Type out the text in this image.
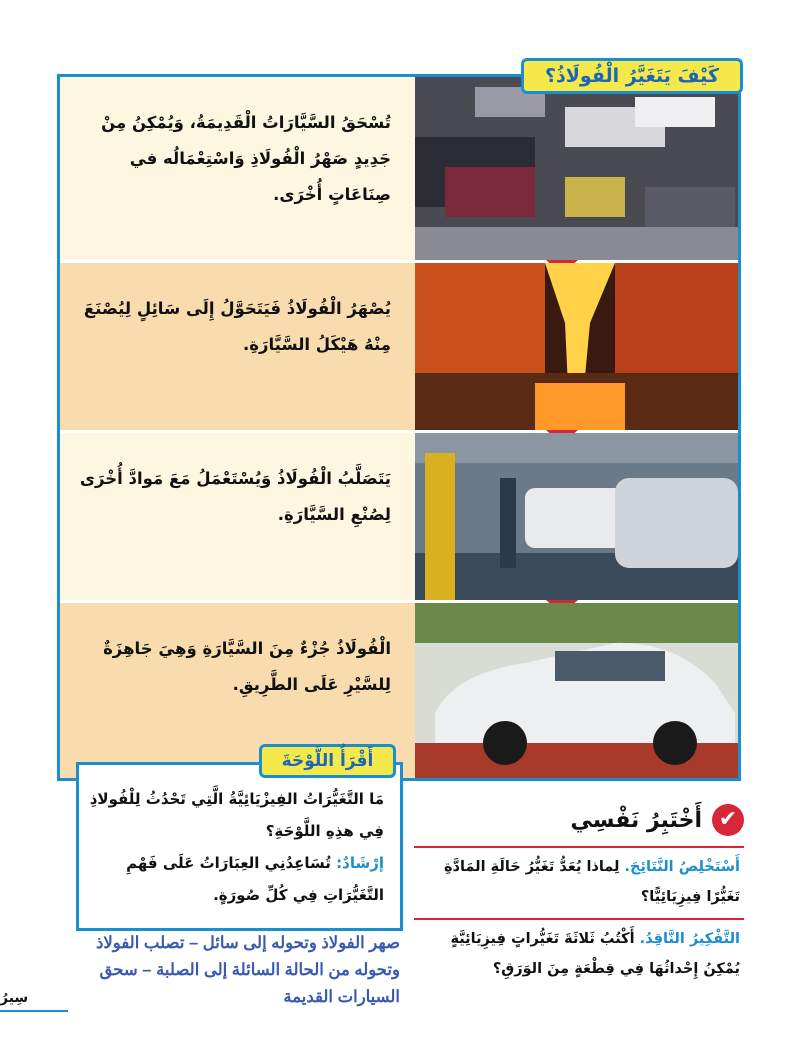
تُسْحَقُ السَّيَّارَاتُ الْقَدِيمَةُ، وَيُمْكِنُ مِنْ جَدِيدٍ صَهْرُ الْفُولَاذِ وَاسْتِعْمَالُه في صِنَاعَاتٍ أُخْرَى.
يُصْهَرُ الْفُولَاذُ فَيَتَحَوَّلُ إِلَى سَائِلٍ لِيُصْنَعَ مِنْهُ هَيْكَلُ السَّيَّارَةِ.
يَتَصَلَّبُ الْفُولَاذُ وَيُسْتَعْمَلُ مَعَ مَوادَّ أُخْرَى لِصُنْعِ السَّيَّارَةِ.
الْفُولَاذُ جُزْءٌ مِنَ السَّيَّارَةِ وَهِيَ جَاهِزَةٌ لِلسَّيْرِ عَلَى الطَّرِيقِ.
كَيْفَ يَتَغَيَّرُ الْفُولَاذُ؟
مَا التَّغَيُّرَاتُ الفِيزْيَائِيَّةُ الَّتِي تَحْدُثُ لِلْفُولاذِ فِي هذِهِ اللَّوْحَةِ؟
إرْشَادٌ: تُسَاعِدُنِي العِبَارَاتُ عَلَى فَهْمِ التَّغَيُّرَاتِ فِي كُلِّ صُورَةٍ.
أَقْرَأُ اللَّوْحَةَ
✔
أَخْتَبِرُ نَفْسِي
أَسْتَخْلِصُ النَّتَائِجَ. لِماذا يُعَدُّ تَغَيُّرُ حَالَةِ المَادَّةِ تَغَيُّرًا فِيزِيَائِيًّا؟
التَّفْكِيرُ النَّاقِدُ. أَكْتُبُ ثَلاثَةَ تَغَيُّراتٍ فِيزِيَائِيَّةٍ يُمْكِنُ إِحْداثُهَا فِي قِطْعَةٍ مِنَ الوَرَقِ؟
صهر الفولاذ وتحوله إلى سائل – تصلب الفولاذ وتحوله من الحالة السائلة إلى الصلبة – سحق السيارات القديمة
سِيرُ
